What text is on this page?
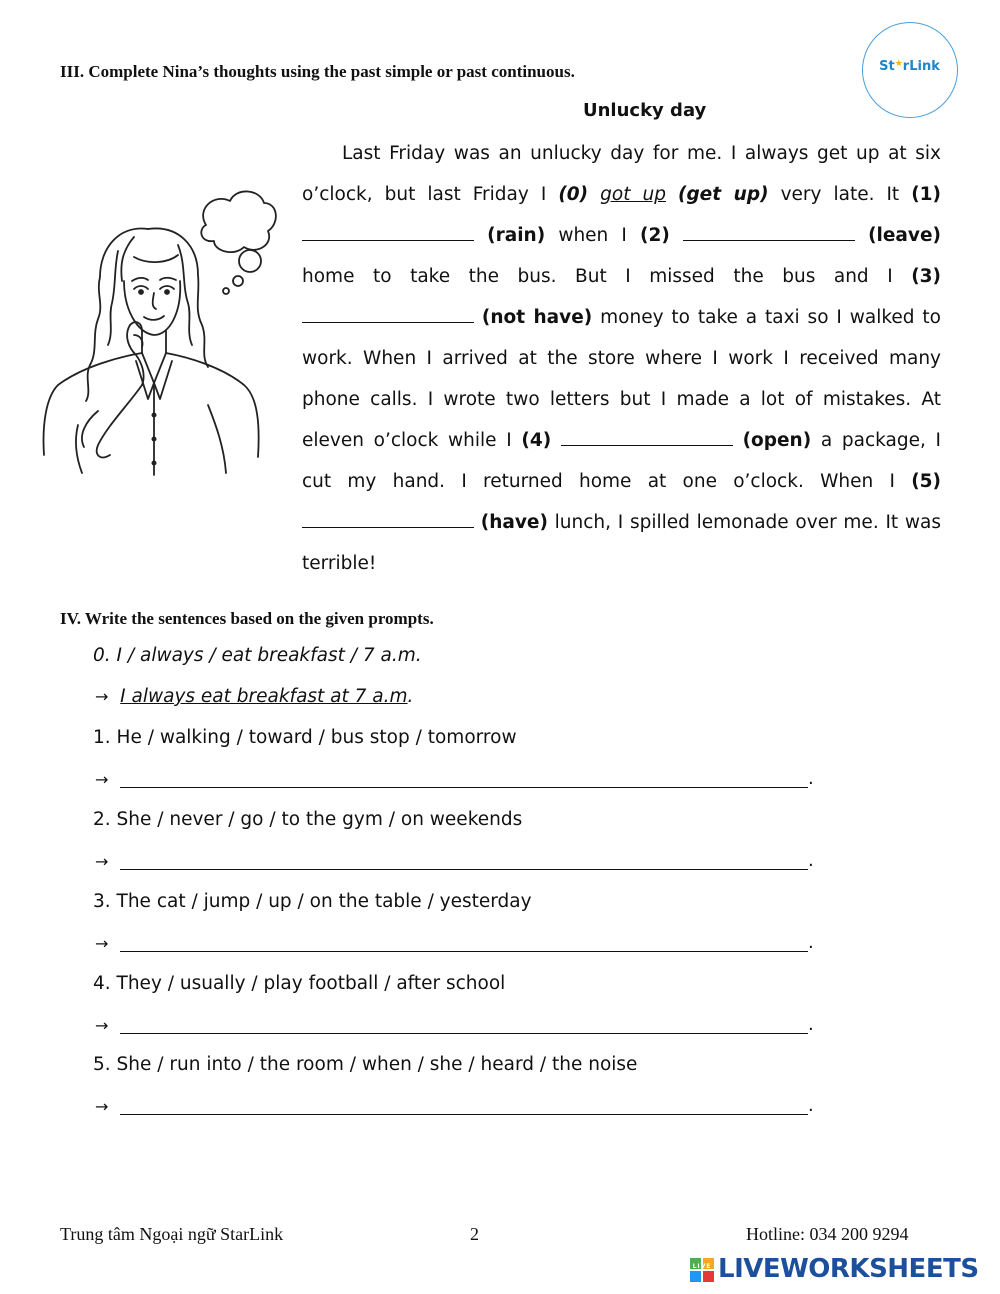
III. Complete Nina’s thoughts using the past simple or past continuous.	St★rLink
Unlucky day
Last Friday was an unlucky day for me. I always get up at six o’clock, but last Friday I (0) got up (get up) very late. It (1)  (rain) when I (2)	(leave) home to take the bus. But I missed the bus and I (3)  (not have) money to take a taxi so I walked to work. When I arrived at the store where I work I received many phone calls. I wrote two letters but I made a lot of mistakes. At eleven o’clock while I (4)	(open) a package, I cut my hand. I returned home at one o’clock. When I (5)  (have) lunch, I spilled lemonade over me. It was terrible!
IV. Write the sentences based on the given prompts.
0. I / always / eat breakfast / 7 a.m.
→ I always eat breakfast at 7 a.m.
1. He / walking / toward / bus stop / tomorrow
→	.
2. She / never / go / to the gym / on weekends
→	.
3. The cat / jump / up / on the table / yesterday
→	.
4. They / usually / play football / after school
→	.
5. She / run into / the room / when / she / heard / the noise
→	.
Trung tâm Ngoại ngữ StarLink	2	Hotline: 034 200 9294
LIVE LIVEWORKSHEETS
